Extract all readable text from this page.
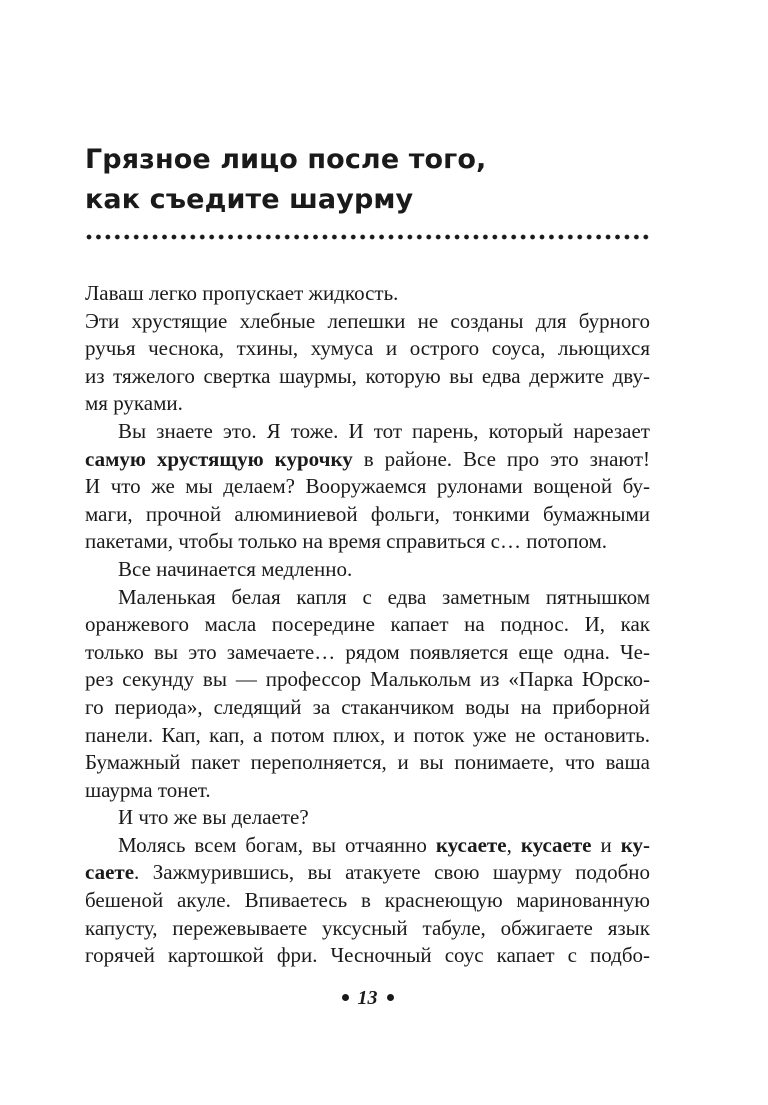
Грязное лицо после того,
как съедите шаурму
Лаваш легко пропускает жидкость.
Эти хрустящие хлебные лепешки не созданы для бурного
ручья чеснока, тхины, хумуса и острого соуса, льющихся
из тяжелого свертка шаурмы, которую вы едва держите дву-
мя руками.
Вы знаете это. Я тоже. И тот парень, который нарезает
самую хрустящую курочку в районе. Все про это знают!
И что же мы делаем? Вооружаемся рулонами вощеной бу-
маги, прочной алюминиевой фольги, тонкими бумажными
пакетами, чтобы только на время справиться с… потопом.
Все начинается медленно.
Маленькая белая капля с едва заметным пятнышком
оранжевого масла посередине капает на поднос. И, как
только вы это замечаете… рядом появляется еще одна. Че-
рез секунду вы — профессор Малькольм из «Парка Юрско-
го периода», следящий за стаканчиком воды на приборной
панели. Кап, кап, а потом плюх, и поток уже не остановить.
Бумажный пакет переполняется, и вы понимаете, что ваша
шаурма тонет.
И что же вы делаете?
Молясь всем богам, вы отчаянно кусаете, кусаете и ку-
саете. Зажмурившись, вы атакуете свою шаурму подобно
бешеной акуле. Впиваетесь в краснеющую маринованную
капусту, пережевываете уксусный табуле, обжигаете язык
горячей картошкой фри. Чесночный соус капает с подбо-
13
